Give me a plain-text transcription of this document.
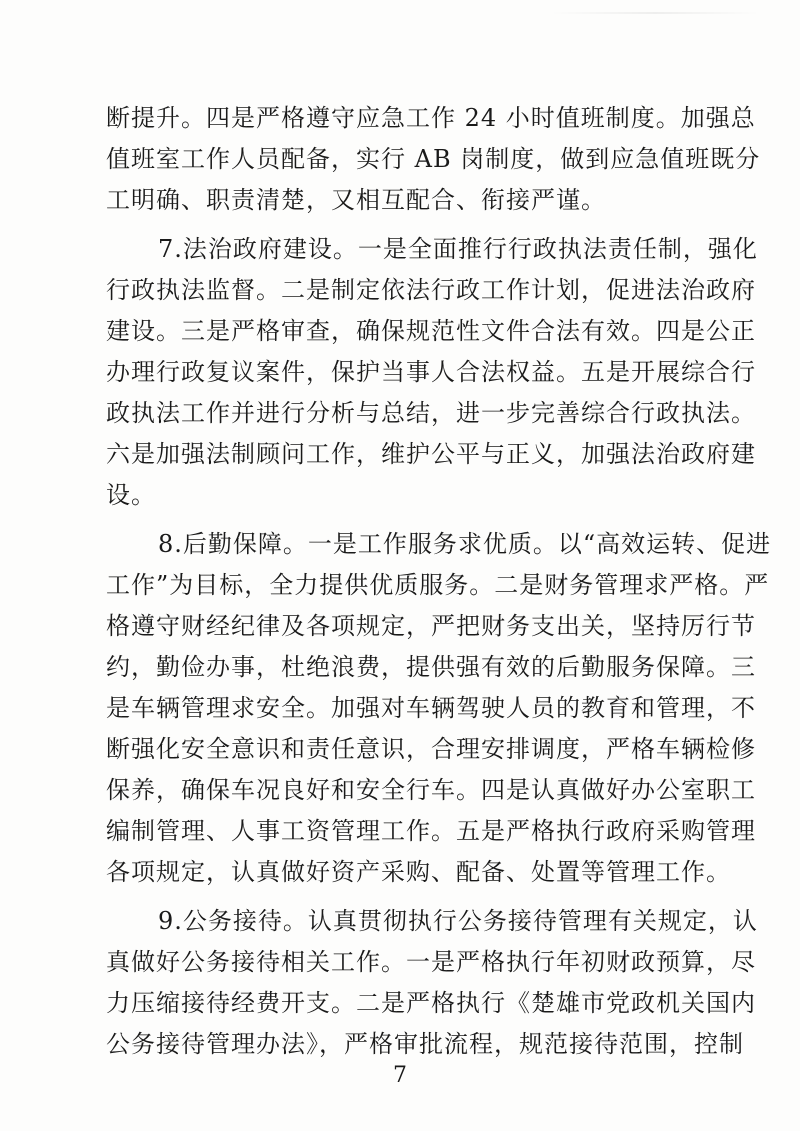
断提升。四是严格遵守应急工作 24 小时值班制度。加强总
值班室工作人员配备，实行 AB 岗制度，做到应急值班既分
工明确、职责清楚，又相互配合、衔接严谨。
7.法治政府建设。一是全面推行行政执法责任制，强化
行政执法监督。二是制定依法行政工作计划，促进法治政府
建设。三是严格审查，确保规范性文件合法有效。四是公正
办理行政复议案件，保护当事人合法权益。五是开展综合行
政执法工作并进行分析与总结，进一步完善综合行政执法。
六是加强法制顾问工作，维护公平与正义，加强法治政府建
设。
8.后勤保障。一是工作服务求优质。以“高效运转、促进
工作”为目标，全力提供优质服务。二是财务管理求严格。严
格遵守财经纪律及各项规定，严把财务支出关，坚持厉行节
约，勤俭办事，杜绝浪费，提供强有效的后勤服务保障。三
是车辆管理求安全。加强对车辆驾驶人员的教育和管理，不
断强化安全意识和责任意识，合理安排调度，严格车辆检修
保养，确保车况良好和安全行车。四是认真做好办公室职工
编制管理、人事工资管理工作。五是严格执行政府采购管理
各项规定，认真做好资产采购、配备、处置等管理工作。
9.公务接待。认真贯彻执行公务接待管理有关规定，认
真做好公务接待相关工作。一是严格执行年初财政预算，尽
力压缩接待经费开支。二是严格执行《楚雄市党政机关国内
公务接待管理办法》，严格审批流程，规范接待范围，控制
7
